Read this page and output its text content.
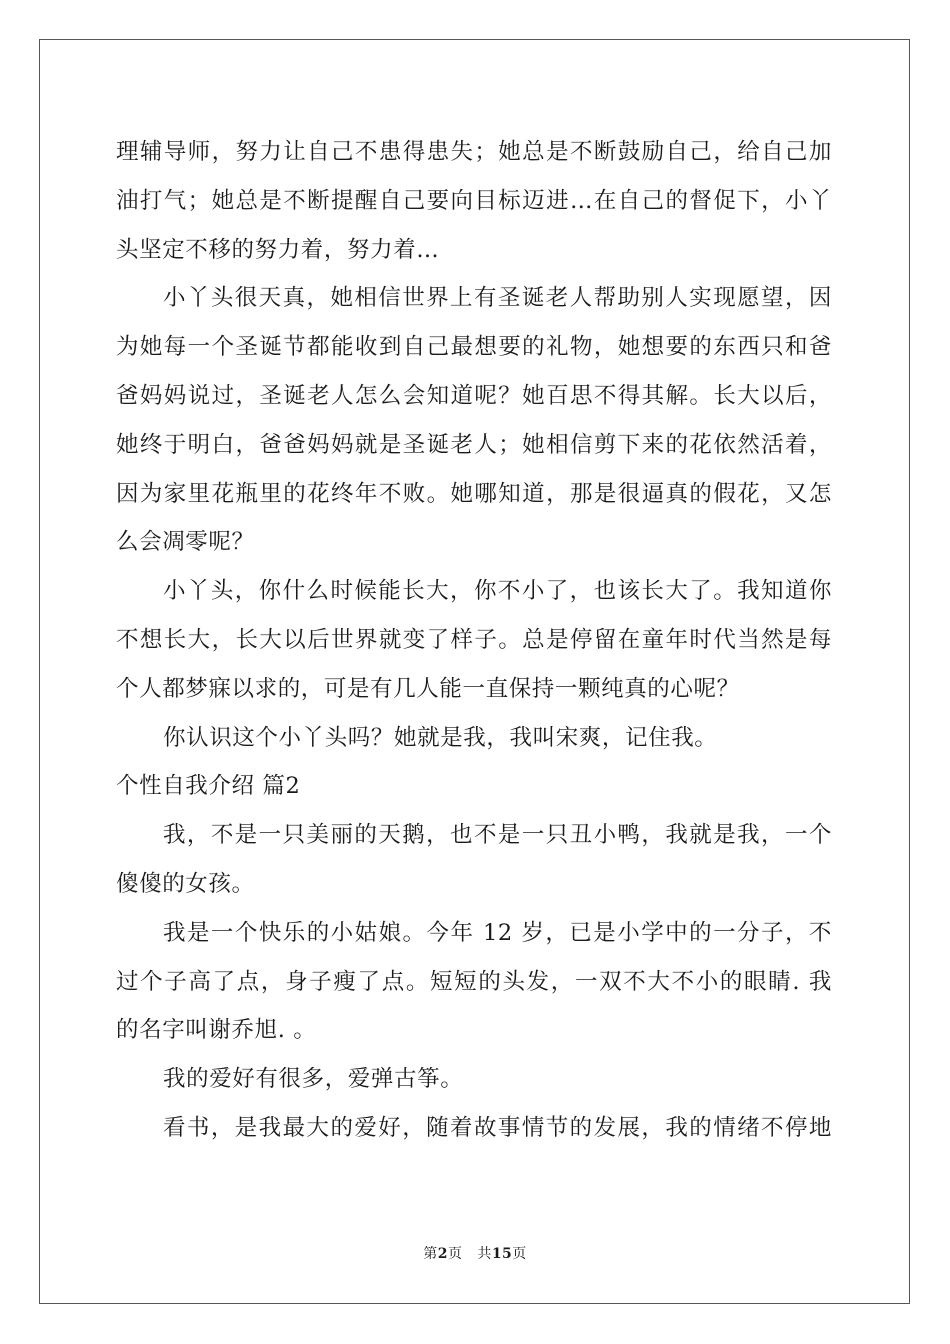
理辅导师，努力让自己不患得患失；她总是不断鼓励自己，给自己加
油打气；她总是不断提醒自己要向目标迈进…在自己的督促下，小丫
头坚定不移的努力着，努力着…
小丫头很天真，她相信世界上有圣诞老人帮助别人实现愿望，因
为她每一个圣诞节都能收到自己最想要的礼物，她想要的东西只和爸
爸妈妈说过，圣诞老人怎么会知道呢？她百思不得其解。长大以后，
她终于明白，爸爸妈妈就是圣诞老人；她相信剪下来的花依然活着，
因为家里花瓶里的花终年不败。她哪知道，那是很逼真的假花，又怎
么会凋零呢？
小丫头，你什么时候能长大，你不小了，也该长大了。我知道你
不想长大，长大以后世界就变了样子。总是停留在童年时代当然是每
个人都梦寐以求的，可是有几人能一直保持一颗纯真的心呢？
你认识这个小丫头吗？她就是我，我叫宋爽，记住我。
个性自我介绍 篇2
我，不是一只美丽的天鹅，也不是一只丑小鸭，我就是我，一个
傻傻的女孩。
我是一个快乐的小姑娘。今年 12 岁，已是小学中的一分子，不
过个子高了点，身子瘦了点。短短的头发，一双不大不小的眼睛. 我
的名字叫谢乔旭. 。
我的爱好有很多，爱弹古筝。
看书，是我最大的爱好，随着故事情节的发展，我的情绪不停地
第2页 共15页
